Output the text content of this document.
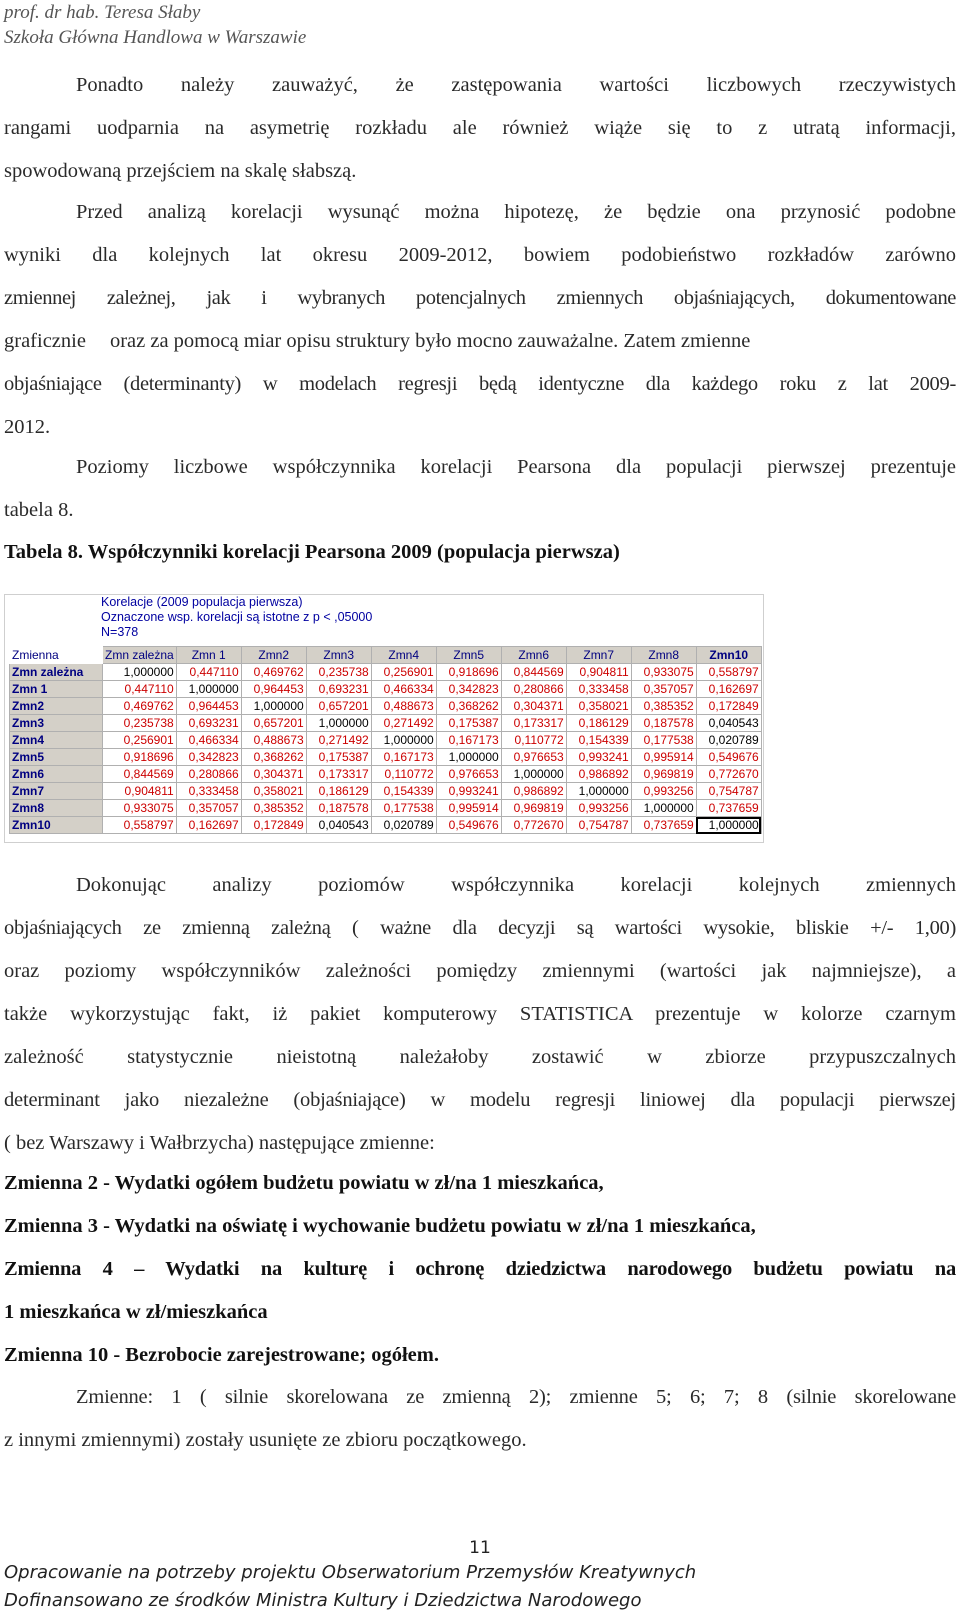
prof. dr hab. Teresa Słaby
Szkoła Główna Handlowa w Warszawie
Ponadto należy zauważyć, że zastępowania wartości liczbowych rzeczywistych
rangami uodparnia na asymetrię rozkładu ale również wiąże się to z utratą informacji,
spowodowaną przejściem na skalę słabszą.
Przed analizą korelacji wysunąć można hipotezę, że będzie ona przynosić podobne
wyniki dla kolejnych lat okresu 2009-2012, bowiem podobieństwo rozkładów zarówno
zmiennej zależnej, jak i wybranych potencjalnych zmiennych objaśniających, dokumentowane
graficznie oraz za pomocą miar opisu struktury było mocno zauważalne. Zatem zmienne
objaśniające (determinanty) w modelach regresji będą identyczne dla każdego roku z lat 2009-
2012.
Poziomy liczbowe współczynnika korelacji Pearsona dla populacji pierwszej prezentuje
tabela 8.
Tabela 8. Współczynniki korelacji Pearsona 2009 (populacja pierwsza)
Korelacje (2009 populacja pierwsza)
Oznaczone wsp. korelacji są istotne z p < ,05000
N=378
Zmienna	Zmn zależna	Zmn 1	Zmn2	Zmn3	Zmn4	Zmn5	Zmn6	Zmn7	Zmn8	Zmn10
Zmn zależna	1,000000	0,447110	0,469762	0,235738	0,256901	0,918696	0,844569	0,904811	0,933075	0,558797
Zmn 1	0,447110	1,000000	0,964453	0,693231	0,466334	0,342823	0,280866	0,333458	0,357057	0,162697
Zmn2	0,469762	0,964453	1,000000	0,657201	0,488673	0,368262	0,304371	0,358021	0,385352	0,172849
Zmn3	0,235738	0,693231	0,657201	1,000000	0,271492	0,175387	0,173317	0,186129	0,187578	0,040543
Zmn4	0,256901	0,466334	0,488673	0,271492	1,000000	0,167173	0,110772	0,154339	0,177538	0,020789
Zmn5	0,918696	0,342823	0,368262	0,175387	0,167173	1,000000	0,976653	0,993241	0,995914	0,549676
Zmn6	0,844569	0,280866	0,304371	0,173317	0,110772	0,976653	1,000000	0,986892	0,969819	0,772670
Zmn7	0,904811	0,333458	0,358021	0,186129	0,154339	0,993241	0,986892	1,000000	0,993256	0,754787
Zmn8	0,933075	0,357057	0,385352	0,187578	0,177538	0,995914	0,969819	0,993256	1,000000	0,737659
Zmn10	0,558797	0,162697	0,172849	0,040543	0,020789	0,549676	0,772670	0,754787	0,737659	1,000000
Dokonując analizy poziomów współczynnika korelacji kolejnych zmiennych
objaśniających ze zmienną zależną ( ważne dla decyzji są wartości wysokie, bliskie +/- 1,00)
oraz poziomy współczynników zależności pomiędzy zmiennymi (wartości jak najmniejsze), a
także wykorzystując fakt, iż pakiet komputerowy STATISTICA prezentuje w kolorze czarnym
zależność statystycznie nieistotną należałoby zostawić w zbiorze przypuszczalnych
determinant jako niezależne (objaśniające) w modelu regresji liniowej dla populacji pierwszej
( bez Warszawy i Wałbrzycha) następujące zmienne:
Zmienna 2 - Wydatki ogółem budżetu powiatu w zł/na 1 mieszkańca,
Zmienna 3 - Wydatki na oświatę i wychowanie budżetu powiatu w zł/na 1 mieszkańca,
Zmienna 4 – Wydatki na kulturę i ochronę dziedzictwa narodowego budżetu powiatu na
1 mieszkańca w zł/mieszkańca
Zmienna 10 - Bezrobocie zarejestrowane; ogółem.
Zmienne: 1 ( silnie skorelowana ze zmienną 2); zmienne 5; 6; 7; 8 (silnie skorelowane
z innymi zmiennymi) zostały usunięte ze zbioru początkowego.
11
Opracowanie na potrzeby projektu Obserwatorium Przemysłów Kreatywnych
Dofinansowano ze środków Ministra Kultury i Dziedzictwa Narodowego
